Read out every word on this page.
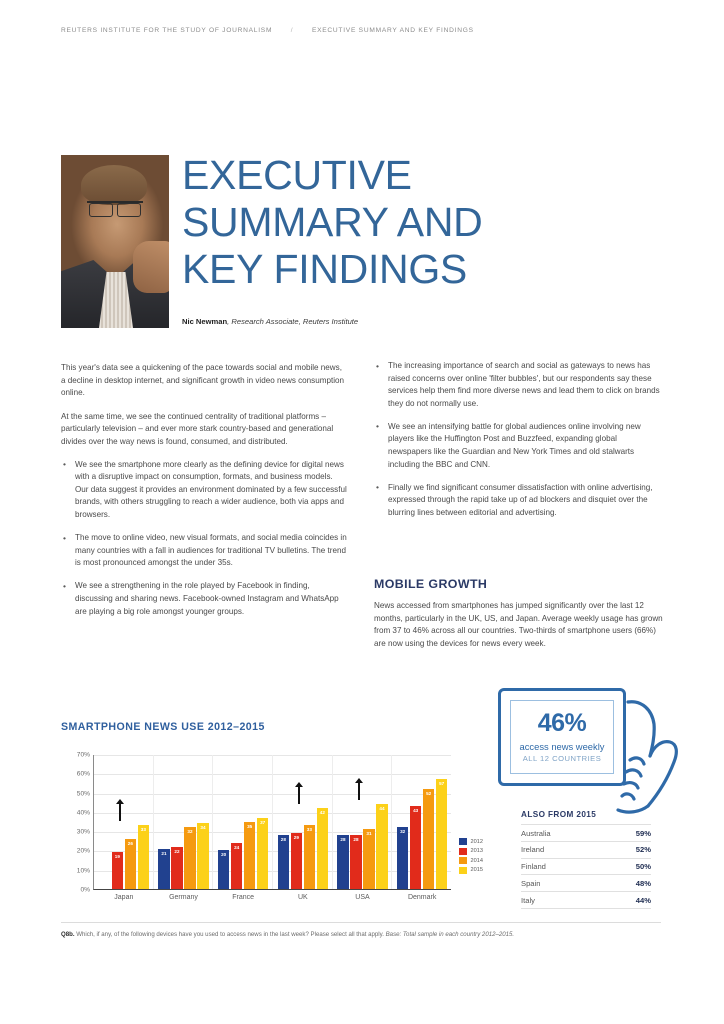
REUTERS INSTITUTE FOR THE STUDY OF JOURNALISM	/	EXECUTIVE SUMMARY AND KEY FINDINGS
EXECUTIVE
SUMMARY AND
KEY FINDINGS
Nic Newman, Research Associate, Reuters Institute

This year's data see a quickening of the pace towards social and mobile news, a decline in desktop internet, and significant growth in video news consumption online.

At the same time, we see the continued centrality of traditional platforms – particularly television – and ever more stark country-based and generational divides over the way news is found, consumed, and distributed.

• We see the smartphone more clearly as the defining device for digital news with a disruptive impact on consumption, formats, and business models. Our data suggest it provides an environment dominated by a few successful brands, with others struggling to reach a wider audience, both via apps and browsers.
• The move to online video, new visual formats, and social media coincides in many countries with a fall in audiences for traditional TV bulletins. The trend is most pronounced amongst the under 35s.
• We see a strengthening in the role played by Facebook in finding, discussing and sharing news. Facebook-owned Instagram and WhatsApp are playing a big role amongst younger groups.
• The increasing importance of search and social as gateways to news has raised concerns over online 'filter bubbles', but our respondents say these services help them find more diverse news and lead them to click on brands they do not normally use.
• We see an intensifying battle for global audiences online involving new players like the Huffington Post and Buzzfeed, expanding global newspapers like the Guardian and New York Times and old stalwarts including the BBC and CNN.
• Finally we find significant consumer dissatisfaction with online advertising, expressed through the rapid take up of ad blockers and disquiet over the blurring lines between editorial and advertising.
MOBILE GROWTH
News accessed from smartphones has jumped significantly over the last 12 months, particularly in the UK, US, and Japan. Average weekly usage has grown from 37 to 46% across all our countries. Two-thirds of smartphone users (66%) are now using the devices for news every week.
SMARTPHONE NEWS USE 2012–2015
0%
10%
20%
30%
40%
50%
60%
70%
19
26
33
Japan
21	22
32
34
Germany
20
24
35
37
France
28	29
33
42
UK
28	28
31
44
USA
32
43
52
57
Denmark
2012
2013
2014
2015
46%
access news weekly
ALL 12 COUNTRIES
ALSO FROM 2015
Australia	59%
Ireland	52%
Finland	50%
Spain	48%
Italy	44%
Q8b. Which, if any, of the following devices have you used to access news in the last week? Please select all that apply. Base: Total sample in each country 2012–2015.
